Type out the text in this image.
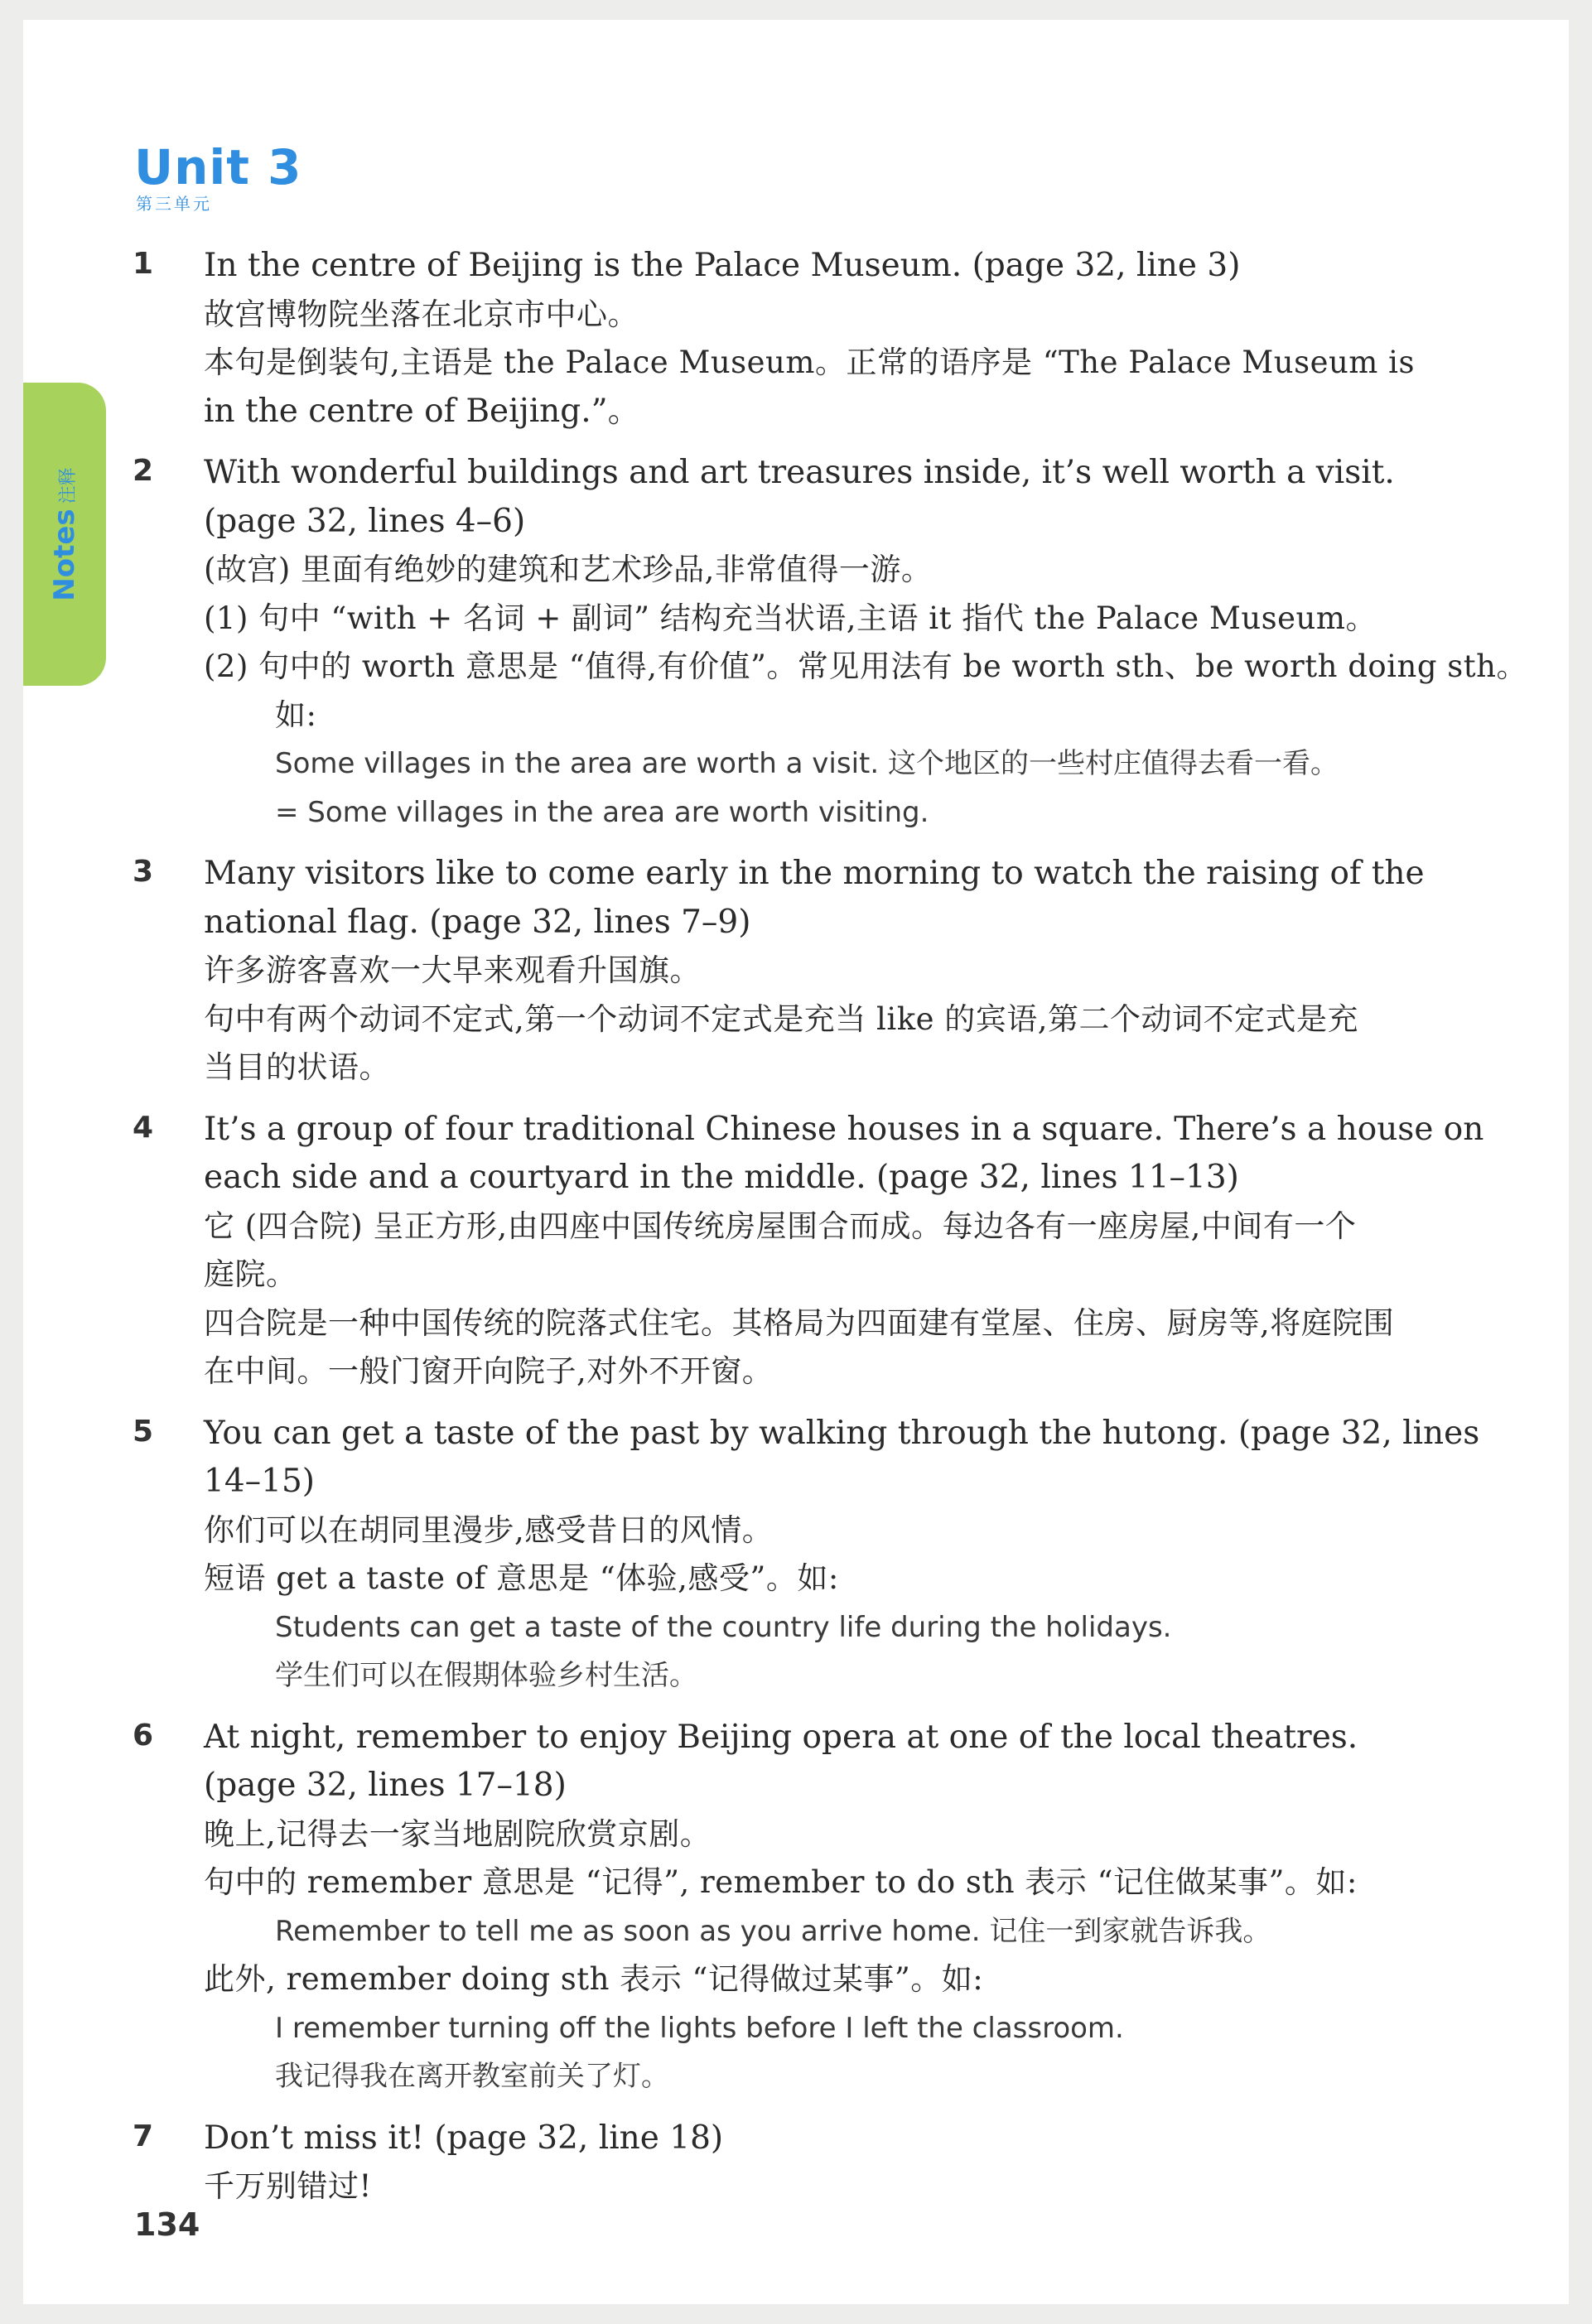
Unit 3
第三单元
Notes注释
1 In the centre of Beijing is the Palace Museum. (page 32, line 3)
故宫博物院坐落在北京市中心。
本句是倒装句,主语是 the Palace Museum。正常的语序是 “The Palace Museum is
in the centre of Beijing.”。
2 With wonderful buildings and art treasures inside, it’s well worth a visit.
(page 32, lines 4–6)
(故宫) 里面有绝妙的建筑和艺术珍品,非常值得一游。
(1) 句中 “with + 名词 + 副词” 结构充当状语,主语 it 指代 the Palace Museum。
(2) 句中的 worth 意思是 “值得,有价值”。常见用法有 be worth sth、be worth doing sth。如:
Some villages in the area are worth a visit. 这个地区的一些村庄值得去看一看。
= Some villages in the area are worth visiting.
3 Many visitors like to come early in the morning to watch the raising of the
national flag. (page 32, lines 7–9)
许多游客喜欢一大早来观看升国旗。
句中有两个动词不定式,第一个动词不定式是充当 like 的宾语,第二个动词不定式是充
当目的状语。
4 It’s a group of four traditional Chinese houses in a square. There’s a house on
each side and a courtyard in the middle. (page 32, lines 11–13)
它 (四合院) 呈正方形,由四座中国传统房屋围合而成。每边各有一座房屋,中间有一个
庭院。
四合院是一种中国传统的院落式住宅。其格局为四面建有堂屋、住房、厨房等,将庭院围
在中间。一般门窗开向院子,对外不开窗。
5 You can get a taste of the past by walking through the hutong. (page 32, lines 14–15)
你们可以在胡同里漫步,感受昔日的风情。
短语 get a taste of 意思是 “体验,感受”。如:
Students can get a taste of the country life during the holidays.
学生们可以在假期体验乡村生活。
6 At night, remember to enjoy Beijing opera at one of the local theatres.
(page 32, lines 17–18)
晚上,记得去一家当地剧院欣赏京剧。
句中的 remember 意思是 “记得”, remember to do sth 表示 “记住做某事”。如:
Remember to tell me as soon as you arrive home. 记住一到家就告诉我。
此外, remember doing sth 表示 “记得做过某事”。如:
I remember turning off the lights before I left the classroom.
我记得我在离开教室前关了灯。
7 Don’t miss it! (page 32, line 18)
千万别错过!
134
